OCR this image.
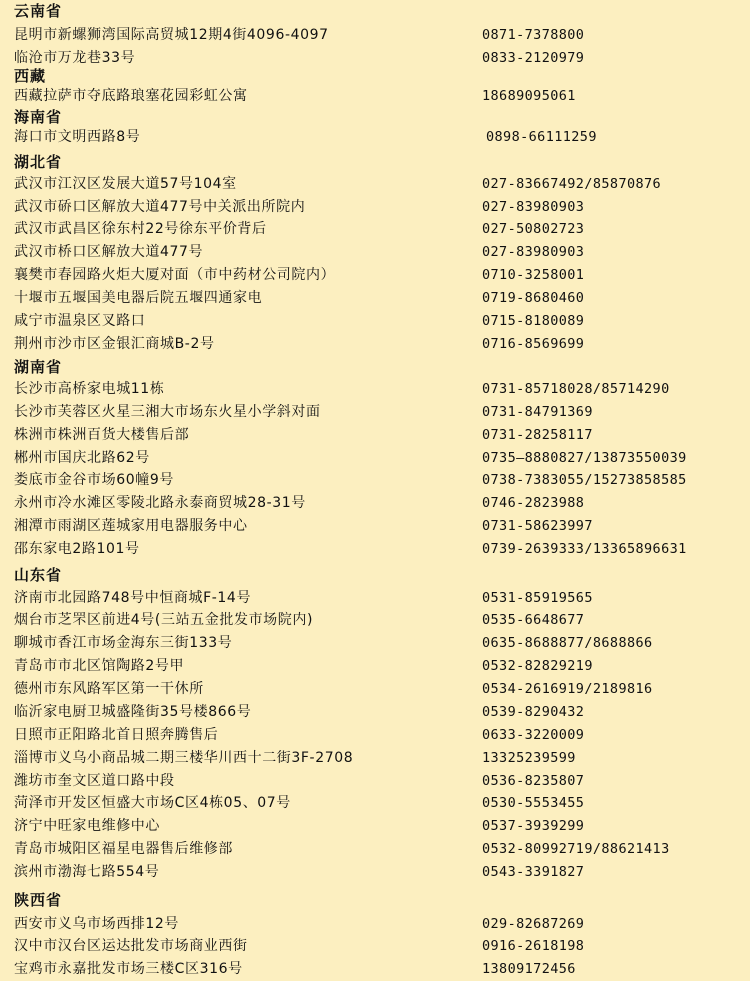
云南省
昆明市新螺狮湾国际高贸城12期4街4096-4097	0871-7378800
临沧市万龙巷33号	0833-2120979
西藏
西藏拉萨市夺底路琅塞花园彩虹公寓	18689095061
海南省
海口市文明西路8号	0898-66111259
湖北省
武汉市江汉区发展大道57号104室	027-83667492/85870876
武汉市硚口区解放大道477号中关派出所院内	027-83980903
武汉市武昌区徐东村22号徐东平价背后	027-50802723
武汉市桥口区解放大道477号	027-83980903
襄樊市春园路火炬大厦对面（市中药材公司院内）	0710-3258001
十堰市五堰国美电器后院五堰四通家电	0719-8680460
咸宁市温泉区叉路口	0715-8180089
荆州市沙市区金银汇商城B-2号	0716-8569699
湖南省
长沙市高桥家电城11栋	0731-85718028/85714290
长沙市芙蓉区火星三湘大市场东火星小学斜对面	0731-84791369
株洲市株洲百货大楼售后部	0731-28258117
郴州市国庆北路62号	0735—8880827/13873550039
娄底市金谷市场60幢9号	0738-7383055/15273858585
永州市冷水滩区零陵北路永泰商贸城28-31号	0746-2823988
湘潭市雨湖区莲城家用电器服务中心	0731-58623997
邵东家电2路101号	0739-2639333/13365896631
山东省
济南市北园路748号中恒商城F-14号	0531-85919565
烟台市芝罘区前进4号(三站五金批发市场院内)	0535-6648677
聊城市香江市场金海东三街133号	0635-8688877/8688866
青岛市市北区馆陶路2号甲	0532-82829219
德州市东风路军区第一干休所	0534-2616919/2189816
临沂家电厨卫城盛隆街35号楼866号	0539-8290432
日照市正阳路北首日照奔腾售后	0633-3220009
淄博市义乌小商品城二期三楼华川西十二街3F-2708	13325239599
潍坊市奎文区道口路中段	0536-8235807
菏泽市开发区恒盛大市场C区4栋05、07号	0530-5553455
济宁中旺家电维修中心	0537-3939299
青岛市城阳区福星电器售后维修部	0532-80992719/88621413
滨州市渤海七路554号	0543-3391827
陕西省
西安市义乌市场西排12号	029-82687269
汉中市汉台区运达批发市场商业西街	0916-2618198
宝鸡市永嘉批发市场三楼C区316号	13809172456
